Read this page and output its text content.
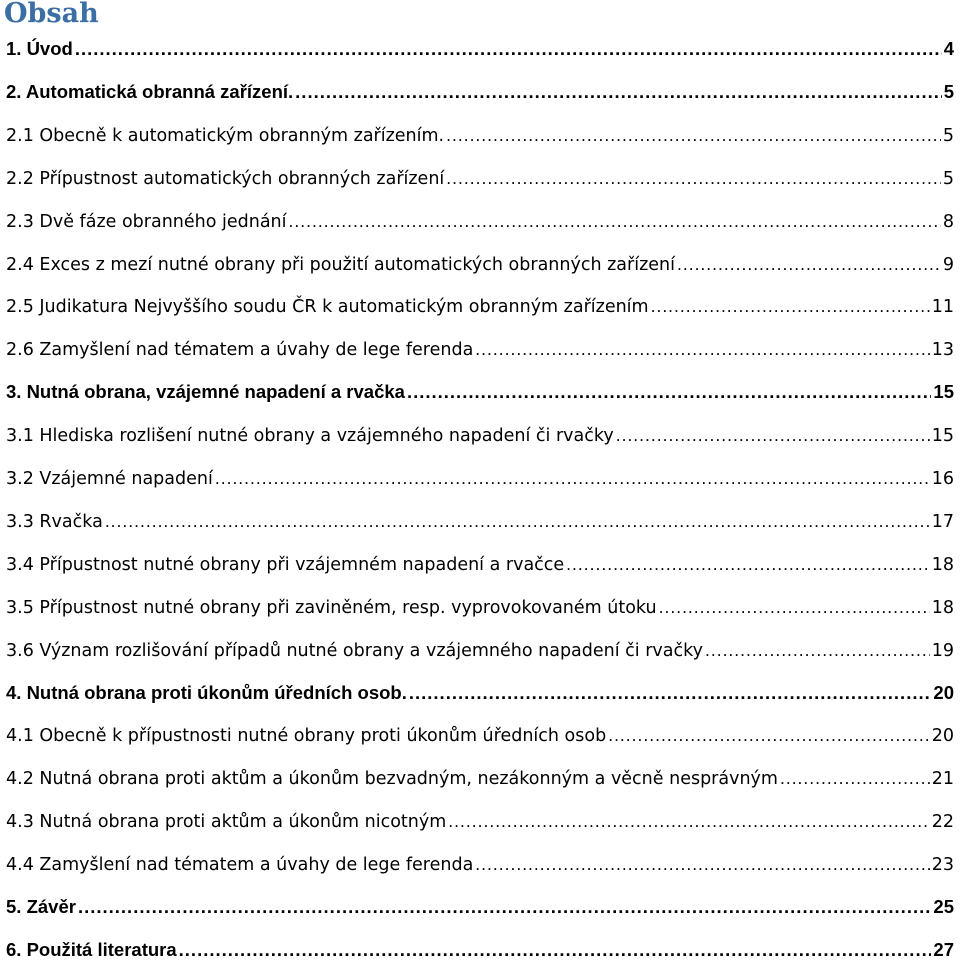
Obsah
1. Úvod .....	4
2. Automatická obranná zařízení. .....	5
2.1 Obecně k automatickým obranným zařízením. .....	5
2.2 Přípustnost automatických obranných zařízení .....	5
2.3 Dvě fáze obranného jednání .....	8
2.4 Exces z mezí nutné obrany při použití automatických obranných zařízení .....	9
2.5 Judikatura Nejvyššího soudu ČR k automatickým obranným zařízením .....	11
2.6 Zamyšlení nad tématem a úvahy de lege ferenda .....	13
3. Nutná obrana, vzájemné napadení a rvačka .....	15
3.1 Hlediska rozlišení nutné obrany a vzájemného napadení či rvačky .....	15
3.2 Vzájemné napadení .....	16
3.3 Rvačka .....	17
3.4 Přípustnost nutné obrany při vzájemném napadení a rvačce .....	18
3.5 Přípustnost nutné obrany při zaviněném, resp. vyprovokovaném útoku .....	18
3.6 Význam rozlišování případů nutné obrany a vzájemného napadení či rvačky .....	19
4. Nutná obrana proti úkonům úředních osob. .....	20
4.1 Obecně k přípustnosti nutné obrany proti úkonům úředních osob .....	20
4.2 Nutná obrana proti aktům a úkonům bezvadným, nezákonným a věcně nesprávným .....	21
4.3 Nutná obrana proti aktům a úkonům nicotným .....	22
4.4 Zamyšlení nad tématem a úvahy de lege ferenda .....	23
5. Závěr .....	25
6. Použitá literatura .....	27
